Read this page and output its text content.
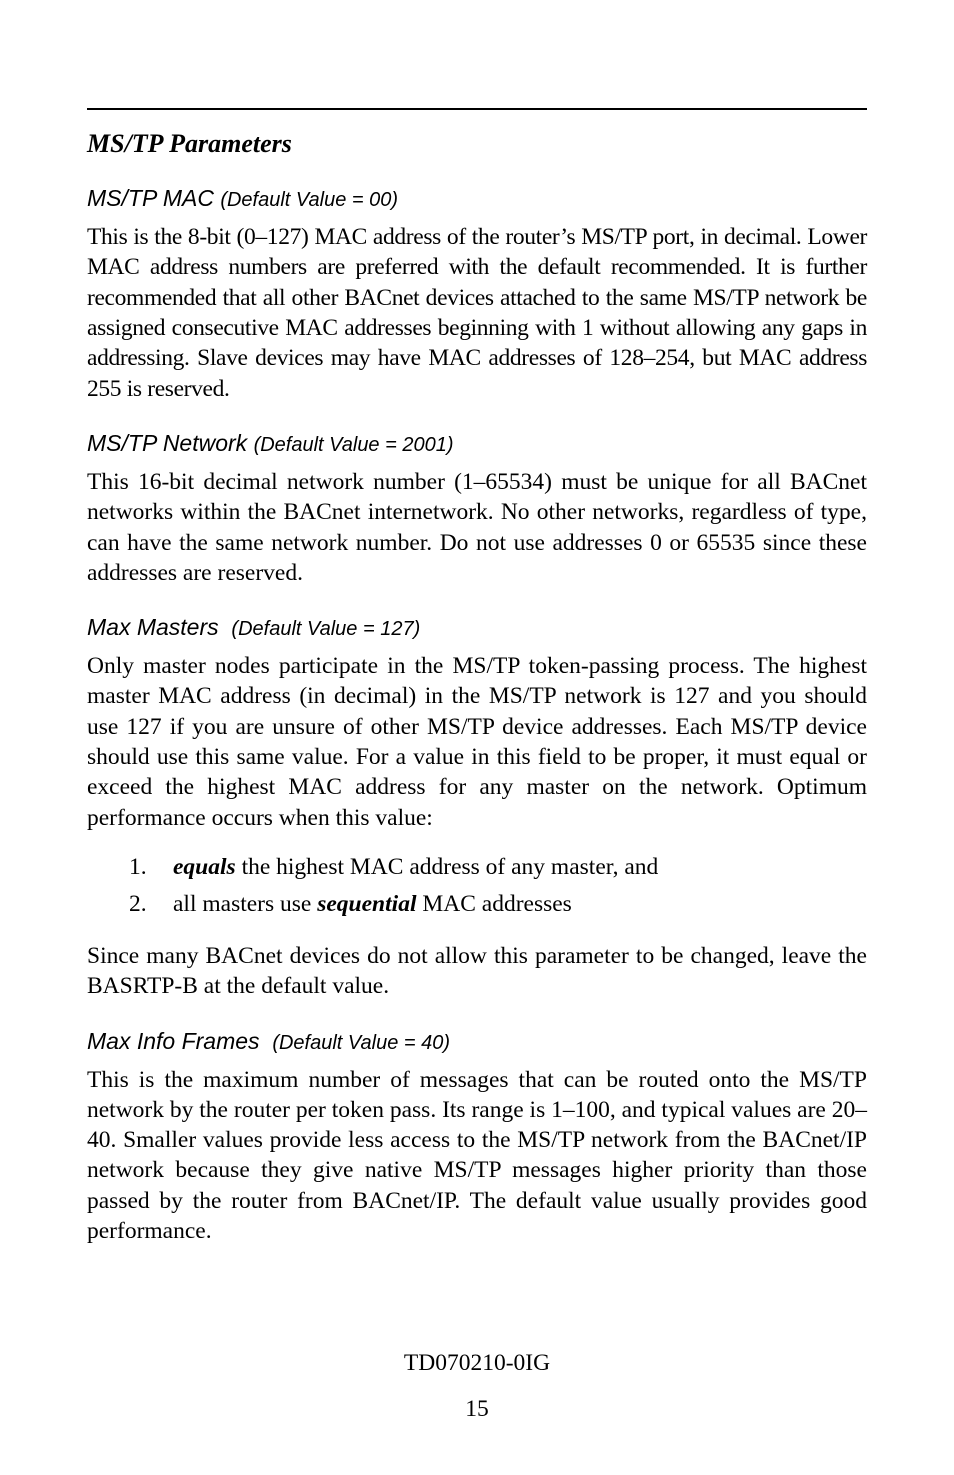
MS/TP Parameters
MS/TP MAC (Default Value = 00)

This is the 8-bit (0–127) MAC address of the router’s MS/TP port, in decimal. Lower MAC address numbers are preferred with the default recommended. It is further recommended that all other BACnet devices attached to the same MS/TP network be assigned consecutive MAC addresses beginning with 1 without allowing any gaps in addressing. Slave devices may have MAC addresses of 128–254, but MAC address 255 is reserved.

MS/TP Network (Default Value = 2001)

This 16-bit decimal network number (1–65534) must be unique for all BACnet networks within the BACnet internetwork. No other networks, regardless of type, can have the same network number. Do not use addresses 0 or 65535 since these addresses are reserved.

Max Masters (Default Value = 127)

Only master nodes participate in the MS/TP token-passing process. The highest master MAC address (in decimal) in the MS/TP network is 127 and you should use 127 if you are unsure of other MS/TP device addresses. Each MS/TP device should use this same value. For a value in this field to be proper, it must equal or exceed the highest MAC address for any master on the network. Optimum performance occurs when this value:

1. equals the highest MAC address of any master, and
2. all masters use sequential MAC addresses

Since many BACnet devices do not allow this parameter to be changed, leave the BASRTP-B at the default value.

Max Info Frames (Default Value = 40)

This is the maximum number of messages that can be routed onto the MS/TP network by the router per token pass. Its range is 1–100, and typical values are 20–40. Smaller values provide less access to the MS/TP network from the BACnet/IP network because they give native MS/TP messages higher priority than those passed by the router from BACnet/IP. The default value usually provides good performance.

TD070210-0IG
15
